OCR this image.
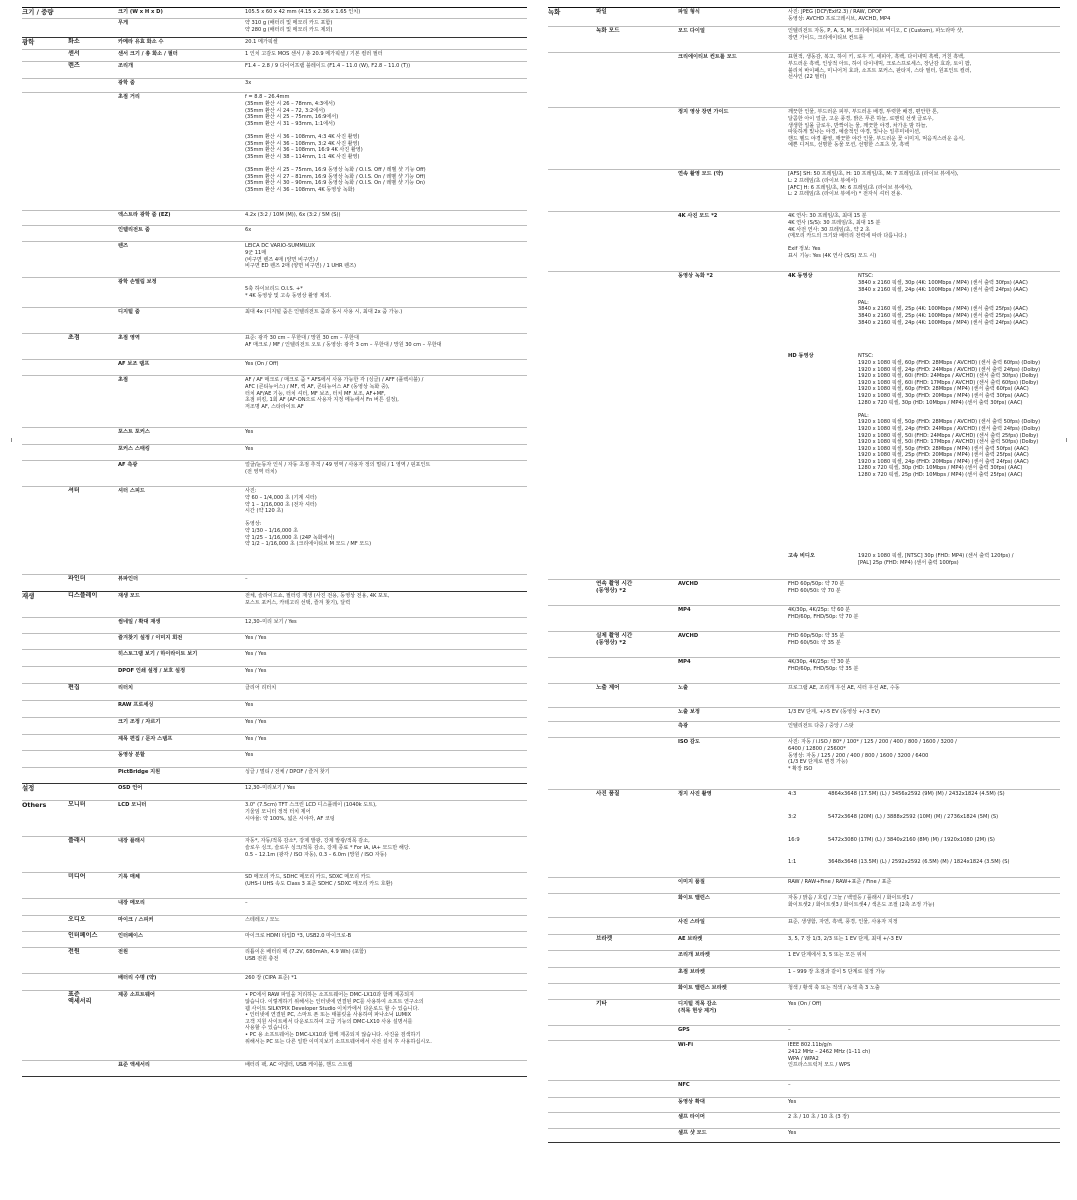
크기 / 중량	크기 (W x H x D)	105.5 x 60 x 42 mm (4.15 x 2.36 x 1.65 인치)
무게	약 310 g (배터리 및 메모리 카드 포함)
약 280 g (배터리 및 메모리 카드 제외)
광학	화소	카메라 유효 화소 수	20.1 메가픽셀
센서	센서 크기 / 총 화소 / 필터	1 인치 고감도 MOS 센서 / 총 20.9 메가픽셀 / 기본 컬러 필터
렌즈	조리개	F1.4 – 2.8 / 9 다이어프램 블레이드 (F1.4 – 11.0 (W), F2.8 – 11.0 (T))
광학 줌	3x
초점 거리	f = 8.8 – 26.4mm
(35mm 환산 시 26 – 78mm, 4:3에서)
(35mm 환산 시 24 – 72, 3:2에서)
(35mm 환산 시 25 – 75mm, 16:9에서)
(35mm 환산 시 31 – 93mm, 1:1에서)

(35mm 환산 시 36 – 108mm, 4:3 4K 사진 촬영)
(35mm 환산 시 36 – 108mm, 3:2 4K 사진 촬영)
(35mm 환산 시 36 – 108mm, 16:9 4K 사진 촬영)
(35mm 환산 시 38 – 114mm, 1:1 4K 사진 촬영)

(35mm 환산 시 25 – 75mm, 16:9 동영상 녹화 / O.I.S. Off / 레벨 샷 기능 Off)
(35mm 환산 시 27 – 81mm, 16:9 동영상 녹화 / O.I.S. On / 레벨 샷 기능 Off)
(35mm 환산 시 30 – 90mm, 16:9 동영상 녹화 / O.I.S. On / 레벨 샷 기능 On)
(35mm 환산 시 36 – 108mm, 4K 동영상 녹화)
엑스트라 광학 줌 (EZ)	4.2x (3:2 / 10M (M)), 6x (3:2 / 5M (S))
인텔리전트 줌	6x
렌즈	LEICA DC VARIO-SUMMILUX
9군 11매
(비구면 렌즈 4매 (양면 비구면) /
비구면 ED 렌즈 2매 (양면 비구면) / 1 UHR 렌즈)
광학 손떨림 보정

5축 하이브리드 O.I.S. +*
* 4K 동영상 및 고속 동영상 촬영 제외.
디지털 줌	최대 4x (디지털 줌은 인텔리전트 줌과 동시 사용 시, 최대 2x 줌 가능.)
초점	초점 영역	표준: 광각 30 cm – 무한대 / 망원 30 cm – 무한대
AF 매크로 / MF / 인텔리전트 오토 / 동영상: 광각 3 cm – 무한대 / 망원 30 cm – 무한대
AF 보조 램프	Yes (On / Off)
초점	AF / AF 매크로 / 매크로 줌 * AFS에서 사용 가능한 각 (싱글) / AFF (플렉시블) /
AFC (콘티뉴어스) / MF, 퀵 AF, 콘티뉴어스 AF (동영상 녹화 중),
터치 AF/AE 기능, 터치 셔터, MF 보조, 터치 MF 보조, AF+MF,
초점 피킹, 1회 AF (AF-ON으로 사용자 지정 메뉴에서 Fn 버튼 설정),
저조명 AF, 스타라이트 AF
포스트 포커스	Yes
포커스 스태킹	Yes
AF 측광	얼굴/눈동자 인식 / 자동 초점 추적 / 49 영역 / 사용자 정의 멀티 / 1 영역 / 핀포인트
(전 영역 터치)
셔터	셔터 스피드	사진:
약 60 – 1/4,000 초 (기계 셔터)
약 1 – 1/16,000 초 (전자 셔터)
시간 (약 120 초)

동영상:
약 1/30 – 1/16,000 초
약 1/25 – 1/16,000 초 (24P 녹화에서)
약 1/2 – 1/16,000 초 (크리에이티브 M 모드 / MF 모드)
파인더	뷰파인더	–
재생	디스플레이	재생 모드	전체, 슬라이드쇼, 필터링 재생 (사진 전용, 동영상 전용, 4K 포토,
포스트 포커스, 카테고리 선택, 즐겨 찾기), 달력
썸네일 / 확대 재생	12,30–미리 보기 / Yes
즐겨찾기 설정 / 이미지 회전	Yes / Yes
히스토그램 보기 / 하이라이트 보기	Yes / Yes
DPOF 인쇄 설정 / 보호 설정	Yes / Yes
편집	리터치	클리어 리터치
RAW 프로세싱	Yes
크기 조정 / 자르기	Yes / Yes
제목 편집 / 문자 스탬프	Yes / Yes
동영상 분할	Yes
PictBridge 지원	싱글 / 멀티 / 전체 / DPOF / 즐겨 찾기
설정	OSD 언어	12,30–미리보기 / Yes
Others	모니터	LCD 모니터	3.0" (7.5cm) TFT 스크린 LCD 디스플레이 (1040k 도트),
기울임 모니터 정적 터치 제어
시야율: 약 100%, 넓은 시야각, AF 코팅
플래시	내장 플래시	자동*, 자동/적목 감소*, 강제 발광, 강제 발광/적목 감소,
슬로우 싱크, 슬로우 싱크/적목 감소, 강제 종료 * For iA, iA+ 모드만 해당.
0.5 – 12.1m (광각 / ISO 자동), 0.3 – 6.0m (망원 / ISO 자동)
미디어	기록 매체	SD 메모리 카드, SDHC 메모리 카드, SDXC 메모리 카드
(UHS-I UHS 속도 Class 3 표준 SDHC / SDXC 메모리 카드 호환)
내장 메모리	–
오디오	마이크 / 스피커	스테레오 / 모노
인터페이스	인터페이스	마이크로 HDMI 타입D *3, USB2.0 마이크로-B
전원	전원	리튬이온 배터리 팩 (7.2V, 680mAh, 4.9 Wh) (포함)
USB 전원 충전
배터리 수명 (약)	260 장 (CIPA 표준) *1
표준
액세서리
제공 소프트웨어	• PC에서 RAW 파일을 처리하는 소프트웨어는 DMC-LX10과 함께 제공되지
않습니다. 이렇게하기 위해서는 인터넷에 연결된 PC를 사용하여 소프트 연구소의
웹 사이트 SILKYPIX Developer Studio 이치카에서 다운로드 할 수 있습니다.
• 인터넷에 연결된 PC, 스마트 폰 또는 태블릿을 사용하여 파나소닉 LUMIX
고객 지원 사이트에서 다운로드하여 고급 기능의 DMC-LX10 사용 설명서를
사용할 수 있습니다.
• PC 용 소프트웨어는 DMC-LX10과 함께 제공되지 않습니다. 사진을 검색하기
위해서는 PC 또는 다른 일반 이미지보기 소프트웨어에서 사전 설치 후 사용하십시오.
표준 액세서리	배터리 팩, AC 어댑터, USB 케이블, 핸드 스트랩
녹화	파일	파일 형식	사진: JPEG (DCF/Exif2.3) / RAW, DPOF
동영상: AVCHD 프로그레시브, AVCHD, MP4
녹화 모드	모드 다이얼	인텔리전트 자동, P, A, S, M, 크리에이티브 비디오, C (Custom), 파노라마 샷,
장면 가이드, 크리에이티브 컨트롤
크리에이티브 컨트롤 모드	표현적, 생동감, 복고, 하이 키, 로우 키, 세피아, 흑백, 다이내믹 흑백, 거친 흑백,
부드러운 흑백, 인상적 아트, 하이 다이내믹, 크로스프로세스, 장난감 효과, 토이 팝,
블리치 바이패스, 미니어처 효과, 소프트 포커스, 판타지, 스타 필터, 원포인트 컬러,
선샤인 (22 필터)
정지 영상 장면 가이드	깨끗한 인물, 부드러운 피부, 부드러운 배경, 뚜렷한 배경, 편안한 톤,
달콤한 아이 얼굴, 고운 풍경, 밝은 푸른 하늘, 로맨틱 선셋 글로우,
생생한 일몰 글로우, 반짝이는 물, 깨끗한 야경, 차가운 밤 하늘,
따뜻하게 빛나는 야경, 예술적인 야경, 빛나는 일루미네이션,
핸드 헬드 야경 촬영, 깨끗한 야간 인물, 부드러운 꽃 이미지, 먹음직스러운 음식,
예쁜 디저트, 선명한 동물 모션, 선명한 스포츠 샷, 흑백
연속 촬영 모드 (약)	[AFS] SH: 50 프레임/초, H: 10 프레임/초, M: 7 프레임/초 (라이브 뷰에서),
L: 2 프레임/초 (라이브 뷰에서)
[AFC] H: 6 프레임/초, M: 6 프레임/초 (라이브 뷰에서),
L: 2 프레임/초 (라이브 뷰에서) * 전자식 셔터 전용.
4K 사진 모드 *2	4K 연사: 30 프레임/초, 최대 15 분
4K 연사 (S/S): 30 프레임/초, 최대 15 분
4K 사전 연사: 30 프레임/초, 약 2 초
(메모리 카드의 크기와 배터리 전력에 따라 다릅니다.)

Exif 정보: Yes
표시 기능: Yes (4K 연사 (S/S) 모드 시)
동영상 녹화 *2	4K 동영상	NTSC:
3840 x 2160 픽셀, 30p (4K: 100Mbps / MP4) (센서 출력 30fps) (AAC)
3840 x 2160 픽셀, 24p (4K: 100Mbps / MP4) (센서 출력 24fps) (AAC)

PAL:
3840 x 2160 픽셀, 25p (4K: 100Mbps / MP4) (센서 출력 25fps) (AAC)
3840 x 2160 픽셀, 25p (4K: 100Mbps / MP4) (센서 출력 25fps) (AAC)
3840 x 2160 픽셀, 24p (4K: 100Mbps / MP4) (센서 출력 24fps) (AAC)
HD 동영상	NTSC:
1920 x 1080 픽셀, 60p (FHD: 28Mbps / AVCHD) (센서 출력 60fps) (Dolby)
1920 x 1080 픽셀, 24p (FHD: 24Mbps / AVCHD) (센서 출력 24fps) (Dolby)
1920 x 1080 픽셀, 60i (FHD: 24Mbps / AVCHD) (센서 출력 30fps) (Dolby)
1920 x 1080 픽셀, 60i (FHD: 17Mbps / AVCHD) (센서 출력 60fps) (Dolby)
1920 x 1080 픽셀, 60p (FHD: 28Mbps / MP4) (센서 출력 60fps) (AAC)
1920 x 1080 픽셀, 30p (FHD: 20Mbps / MP4) (센서 출력 30fps) (AAC)
1280 x 720 픽셀, 30p (HD: 10Mbps / MP4) (센서 출력 30fps) (AAC)

PAL:
1920 x 1080 픽셀, 50p (FHD: 28Mbps / AVCHD) (센서 출력 50fps) (Dolby)
1920 x 1080 픽셀, 24p (FHD: 24Mbps / AVCHD) (센서 출력 24fps) (Dolby)
1920 x 1080 픽셀, 50i (FHD: 24Mbps / AVCHD) (센서 출력 25fps) (Dolby)
1920 x 1080 픽셀, 50i (FHD: 17Mbps / AVCHD) (센서 출력 50fps) (Dolby)
1920 x 1080 픽셀, 50p (FHD: 28Mbps / MP4) (센서 출력 50fps) (AAC)
1920 x 1080 픽셀, 25p (FHD: 20Mbps / MP4) (센서 출력 25fps) (AAC)
1920 x 1080 픽셀, 24p (FHD: 20Mbps / MP4) (센서 출력 24fps) (AAC)
1280 x 720 픽셀, 30p (HD: 10Mbps / MP4) (센서 출력 30fps) (AAC)
1280 x 720 픽셀, 25p (HD: 10Mbps / MP4) (센서 출력 25fps) (AAC)
고속 비디오	1920 x 1080 픽셀, [NTSC] 30p (FHD: MP4) (센서 출력 120fps) /
[PAL] 25p (FHD: MP4) (센서 출력 100fps)
연속 촬영 시간
(동영상) *2
AVCHD	FHD 60p/50p: 약 70 분
FHD 60i/50i: 약 70 분
MP4	4K/30p, 4K/25p: 약 60 분
FHD/60p, FHD/50p: 약 70 분
실제 촬영 시간
(동영상) *2
AVCHD	FHD 60p/50p: 약 35 분
FHD 60i/50i: 약 35 분
MP4	4K/30p, 4K/25p: 약 30 분
FHD/60p, FHD/50p: 약 35 분
노출 제어	노출	프로그램 AE, 조리개 우선 AE, 셔터 우선 AE, 수동
노출 보정	1/3 EV 단계, +/-5 EV (동영상 +/-3 EV)
측광	인텔리전트 다중 / 중앙 / 스팟
ISO 감도	사진: 자동 / i.ISO / 80* / 100* / 125 / 200 / 400 / 800 / 1600 / 3200 /
6400 / 12800 / 25600*
동영상: 자동 / 125 / 200 / 400 / 800 / 1600 / 3200 / 6400
(1/3 EV 단계로 변경 가능)
* 확장 ISO
사진 품질	정지 사진 촬영	4:3	4864x3648 (17.5M) (L) / 3456x2592 (9M) (M) / 2432x1824 (4.5M) (S)
3:2	5472x3648 (20M) (L) / 3888x2592 (10M) (M) / 2736x1824 (5M) (S)
16:9	5472x3080 (17M) (L) / 3840x2160 (8M) (M) / 1920x1080 (2M) (S)
1:1	3648x3648 (13.5M) (L) / 2592x2592 (6.5M) (M) / 1824x1824 (3.5M) (S)
이미지 품질	RAW / RAW+Fine / RAW+표준 / Fine / 표준
화이트 밸런스	자동 / 맑음 / 흐림 / 그늘 / 백열등 / 플래시 / 화이트셋1 /
화이트셋2 / 화이트셋3 / 화이트셋4 / 색온도 조절 (2축 조정 가능)
사진 스타일	표준, 생생함, 자연, 흑백, 풍경, 인물, 사용자 지정
브라켓	AE 브라켓	3, 5, 7 장 1/3, 2/3 또는 1 EV 단계, 최대 +/-3 EV
조리개 브라켓	1 EV 단계에서 3, 5 또는 모든 위치
초점 브라켓	1 – 999 장 초점과 같이 5 단계로 설정 가능
화이트 밸런스 브라켓	청색 / 황색 축 또는 적색 / 녹색 축 3 노출
기타	디지털 적목 감소
(적목 현상 제거)
Yes (On / Off)
GPS	–
Wi-Fi	IEEE 802.11b/g/n
2412 MHz – 2462 MHz (1–11 ch)
WPA / WPA2
인프라스트럭처 모드 / WPS
NFC	–
동영상 확대	Yes
셀프 타이머	2 초 / 10 초 / 10 초 (3 장)
셀프 샷 모드	Yes
